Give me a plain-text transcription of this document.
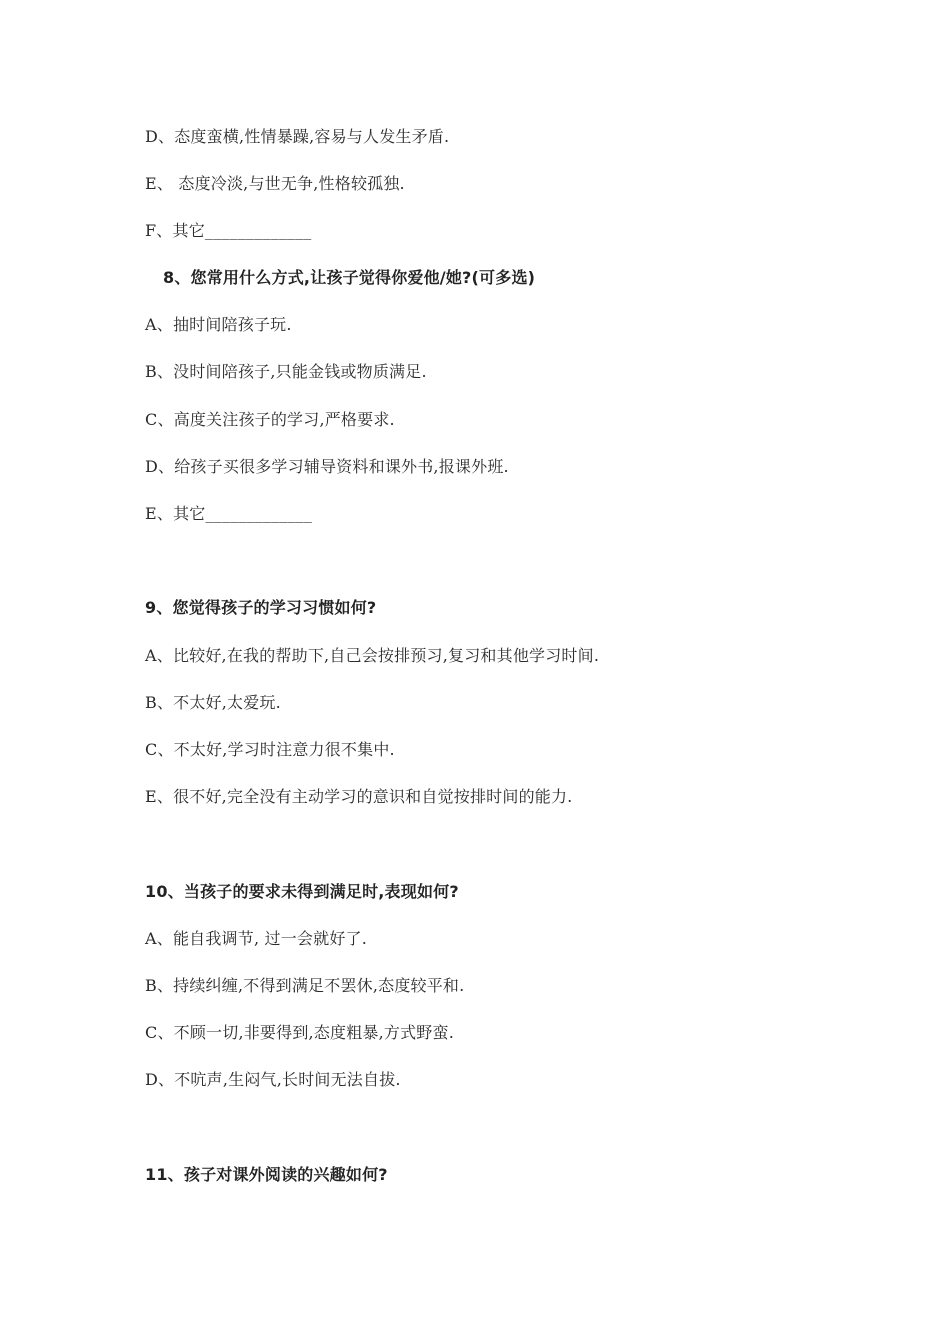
D、态度蛮横,性情暴躁,容易与人发生矛盾.
E、 态度冷淡,与世无争,性格较孤独.
F、其它_____________
8、您常用什么方式,让孩子觉得你爱他/她?(可多选)
A、抽时间陪孩子玩.
B、没时间陪孩子,只能金钱或物质满足.
C、高度关注孩子的学习,严格要求.
D、给孩子买很多学习辅导资料和课外书,报课外班.
E、其它_____________
9、您觉得孩子的学习习惯如何?
A、比较好,在我的帮助下,自己会按排预习,复习和其他学习时间.
B、不太好,太爱玩.
C、不太好,学习时注意力很不集中.
E、很不好,完全没有主动学习的意识和自觉按排时间的能力.
10、当孩子的要求未得到满足时,表现如何?
A、能自我调节, 过一会就好了.
B、持续纠缠,不得到满足不罢休,态度较平和.
C、不顾一切,非要得到,态度粗暴,方式野蛮.
D、不吭声,生闷气,长时间无法自拔.
11、孩子对课外阅读的兴趣如何?
